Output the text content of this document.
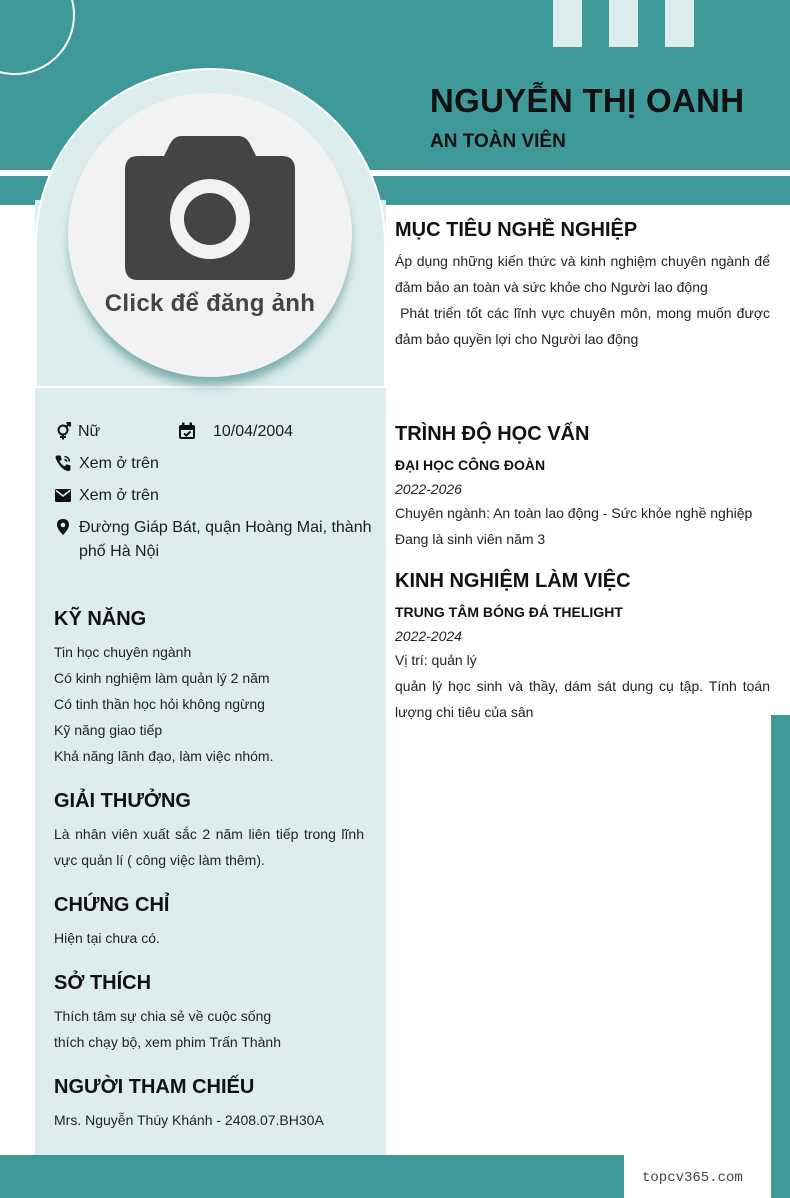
NGUYỄN THỊ OANH
AN TOÀN VIÊN
Click để đăng ảnh
Nữ	10/04/2004
Xem ở trên
Xem ở trên
Đường Giáp Bát, quận Hoàng Mai, thành phố Hà Nội
KỸ NĂNG
Tin học chuyên ngành
Có kinh nghiệm làm quản lý 2 năm
Có tinh thần học hỏi không ngừng
Kỹ năng giao tiếp
Khả năng lãnh đạo, làm việc nhóm.
GIẢI THƯỞNG
Là nhân viên xuất sắc 2 năm liên tiếp trong lĩnh vực quản lí ( công việc làm thêm).
CHỨNG CHỈ
Hiện tại chưa có.
SỞ THÍCH
Thích tâm sự chia sẻ về cuộc sống
thích chạy bộ, xem phim Trấn Thành
NGƯỜI THAM CHIẾU
Mrs. Nguyễn Thúy Khánh - 2408.07.BH30A
MỤC TIÊU NGHỀ NGHIỆP
Áp dụng những kiến thức và kinh nghiệm chuyên ngành để đảm bảo an toàn và sức khỏe cho Người lao động
Phát triển tốt các lĩnh vực chuyên môn, mong muốn được đảm bảo quyền lợi cho Người lao động
TRÌNH ĐỘ HỌC VẤN
ĐẠI HỌC CÔNG ĐOÀN
2022-2026
Chuyên ngành: An toàn lao động - Sức khỏe nghề nghiệp
Đang là sinh viên năm 3
KINH NGHIỆM LÀM VIỆC
TRUNG TÂM BÓNG ĐÁ THELIGHT
2022-2024
Vị trí: quản lý
quản lý học sinh và thầy, dám sát dụng cụ tập. Tính toán lượng chi tiêu của sân
topcv365.com
